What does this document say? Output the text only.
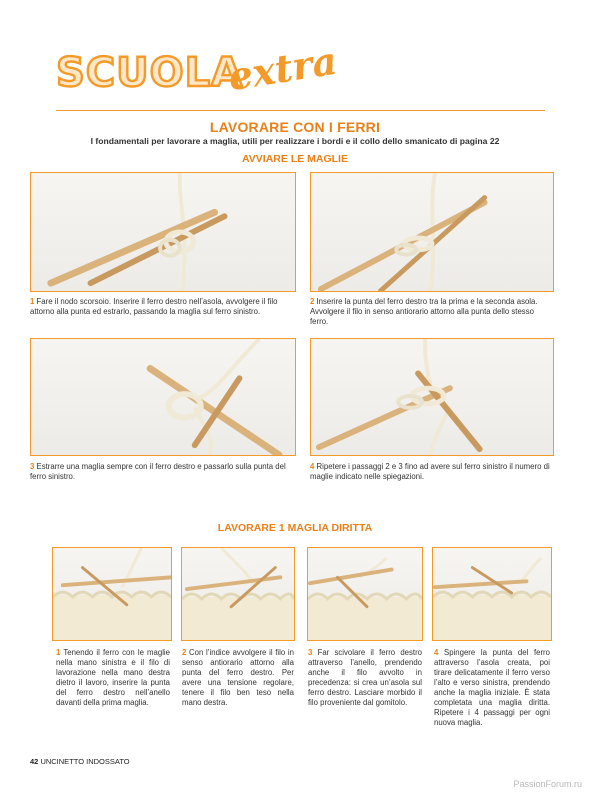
SCUOLA
extra
LAVORARE CON I FERRI
I fondamentali per lavorare a maglia, utili per realizzare i bordi e il collo dello smanicato di pagina 22
AVVIARE LE MAGLIE
1 Fare il nodo scorsoio. Inserire il ferro destro nell’asola, avvolgere il filo attorno alla punta ed estrarlo, passando la maglia sul ferro sinistro.
2 Inserire la punta del ferro destro tra la prima e la seconda asola. Avvolgere il filo in senso antiorario attorno alla punta dello stesso ferro.
3 Estrarre una maglia sempre con il ferro destro e passarlo sulla punta del ferro sinistro.
4 Ripetere i passaggi 2 e 3 fino ad avere sul ferro sinistro il numero di maglie indicato nelle spiegazioni.
LAVORARE 1 MAGLIA DIRITTA
1 Tenendo il ferro con le maglie nella mano sinistra e il filo di lavorazione nella mano destra dietro il lavoro, inserire la punta del ferro destro nell’anello davanti della prima maglia.
2 Con l’indice avvolgere il filo in senso antiorario attorno alla punta del ferro destro. Per avere una tensione regolare, tenere il filo ben teso nella mano destra.
3 Far scivolare il ferro destro attraverso l’anello, prendendo anche il filo avvolto in precedenza: si crea un’asola sul ferro destro. Lasciare morbido il filo proveniente dal gomitolo.
4 Spingere la punta del ferro attraverso l’asola creata, poi tirare delicatamente il ferro verso l’alto e verso sinistra, prendendo anche la maglia iniziale. È stata completata una maglia diritta. Ripetere i 4 passaggi per ogni nuova maglia.
42 UNCINETTO INDOSSATO
PassionForum.ru
